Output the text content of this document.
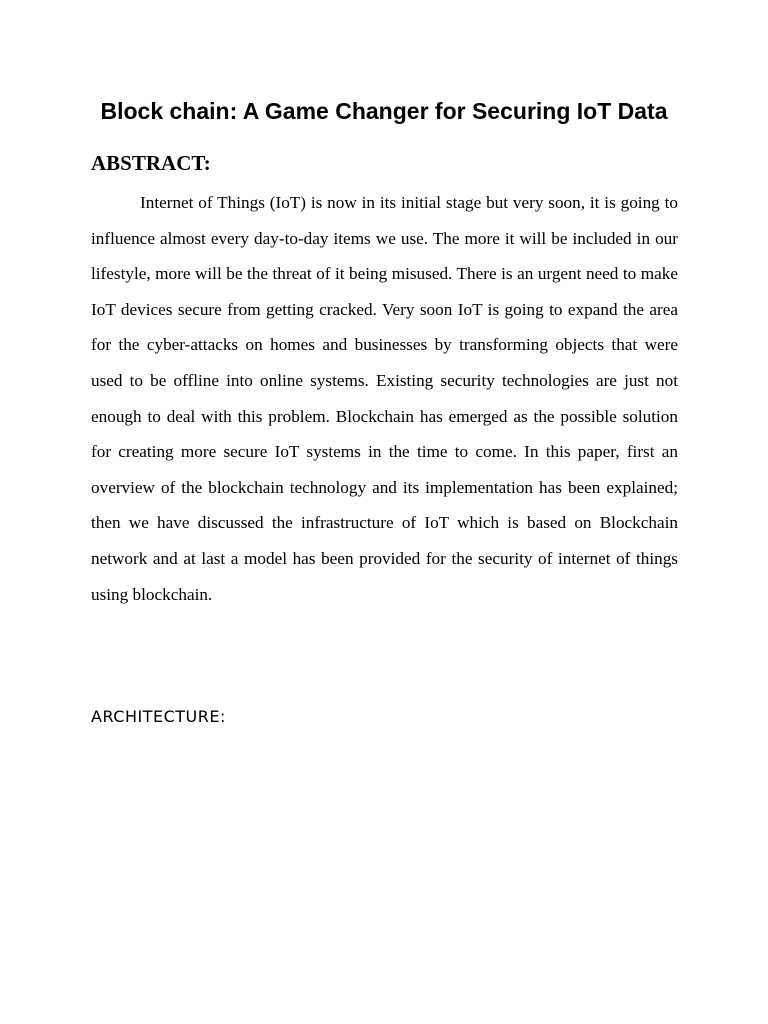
Block chain: A Game Changer for Securing IoT Data
ABSTRACT:

Internet of Things (IoT) is now in its initial stage but very soon, it is going to influence almost every day-to-day items we use. The more it will be included in our lifestyle, more will be the threat of it being misused. There is an urgent need to make IoT devices secure from getting cracked. Very soon IoT is going to expand the area for the cyber-attacks on homes and businesses by transforming objects that were used to be offline into online systems. Existing security technologies are just not enough to deal with this problem. Blockchain has emerged as the possible solution for creating more secure IoT systems in the time to come. In this paper, first an overview of the blockchain technology and its implementation has been explained; then we have discussed the infrastructure of IoT which is based on Blockchain network and at last a model has been provided for the security of internet of things using blockchain.

ARCHITECTURE:
